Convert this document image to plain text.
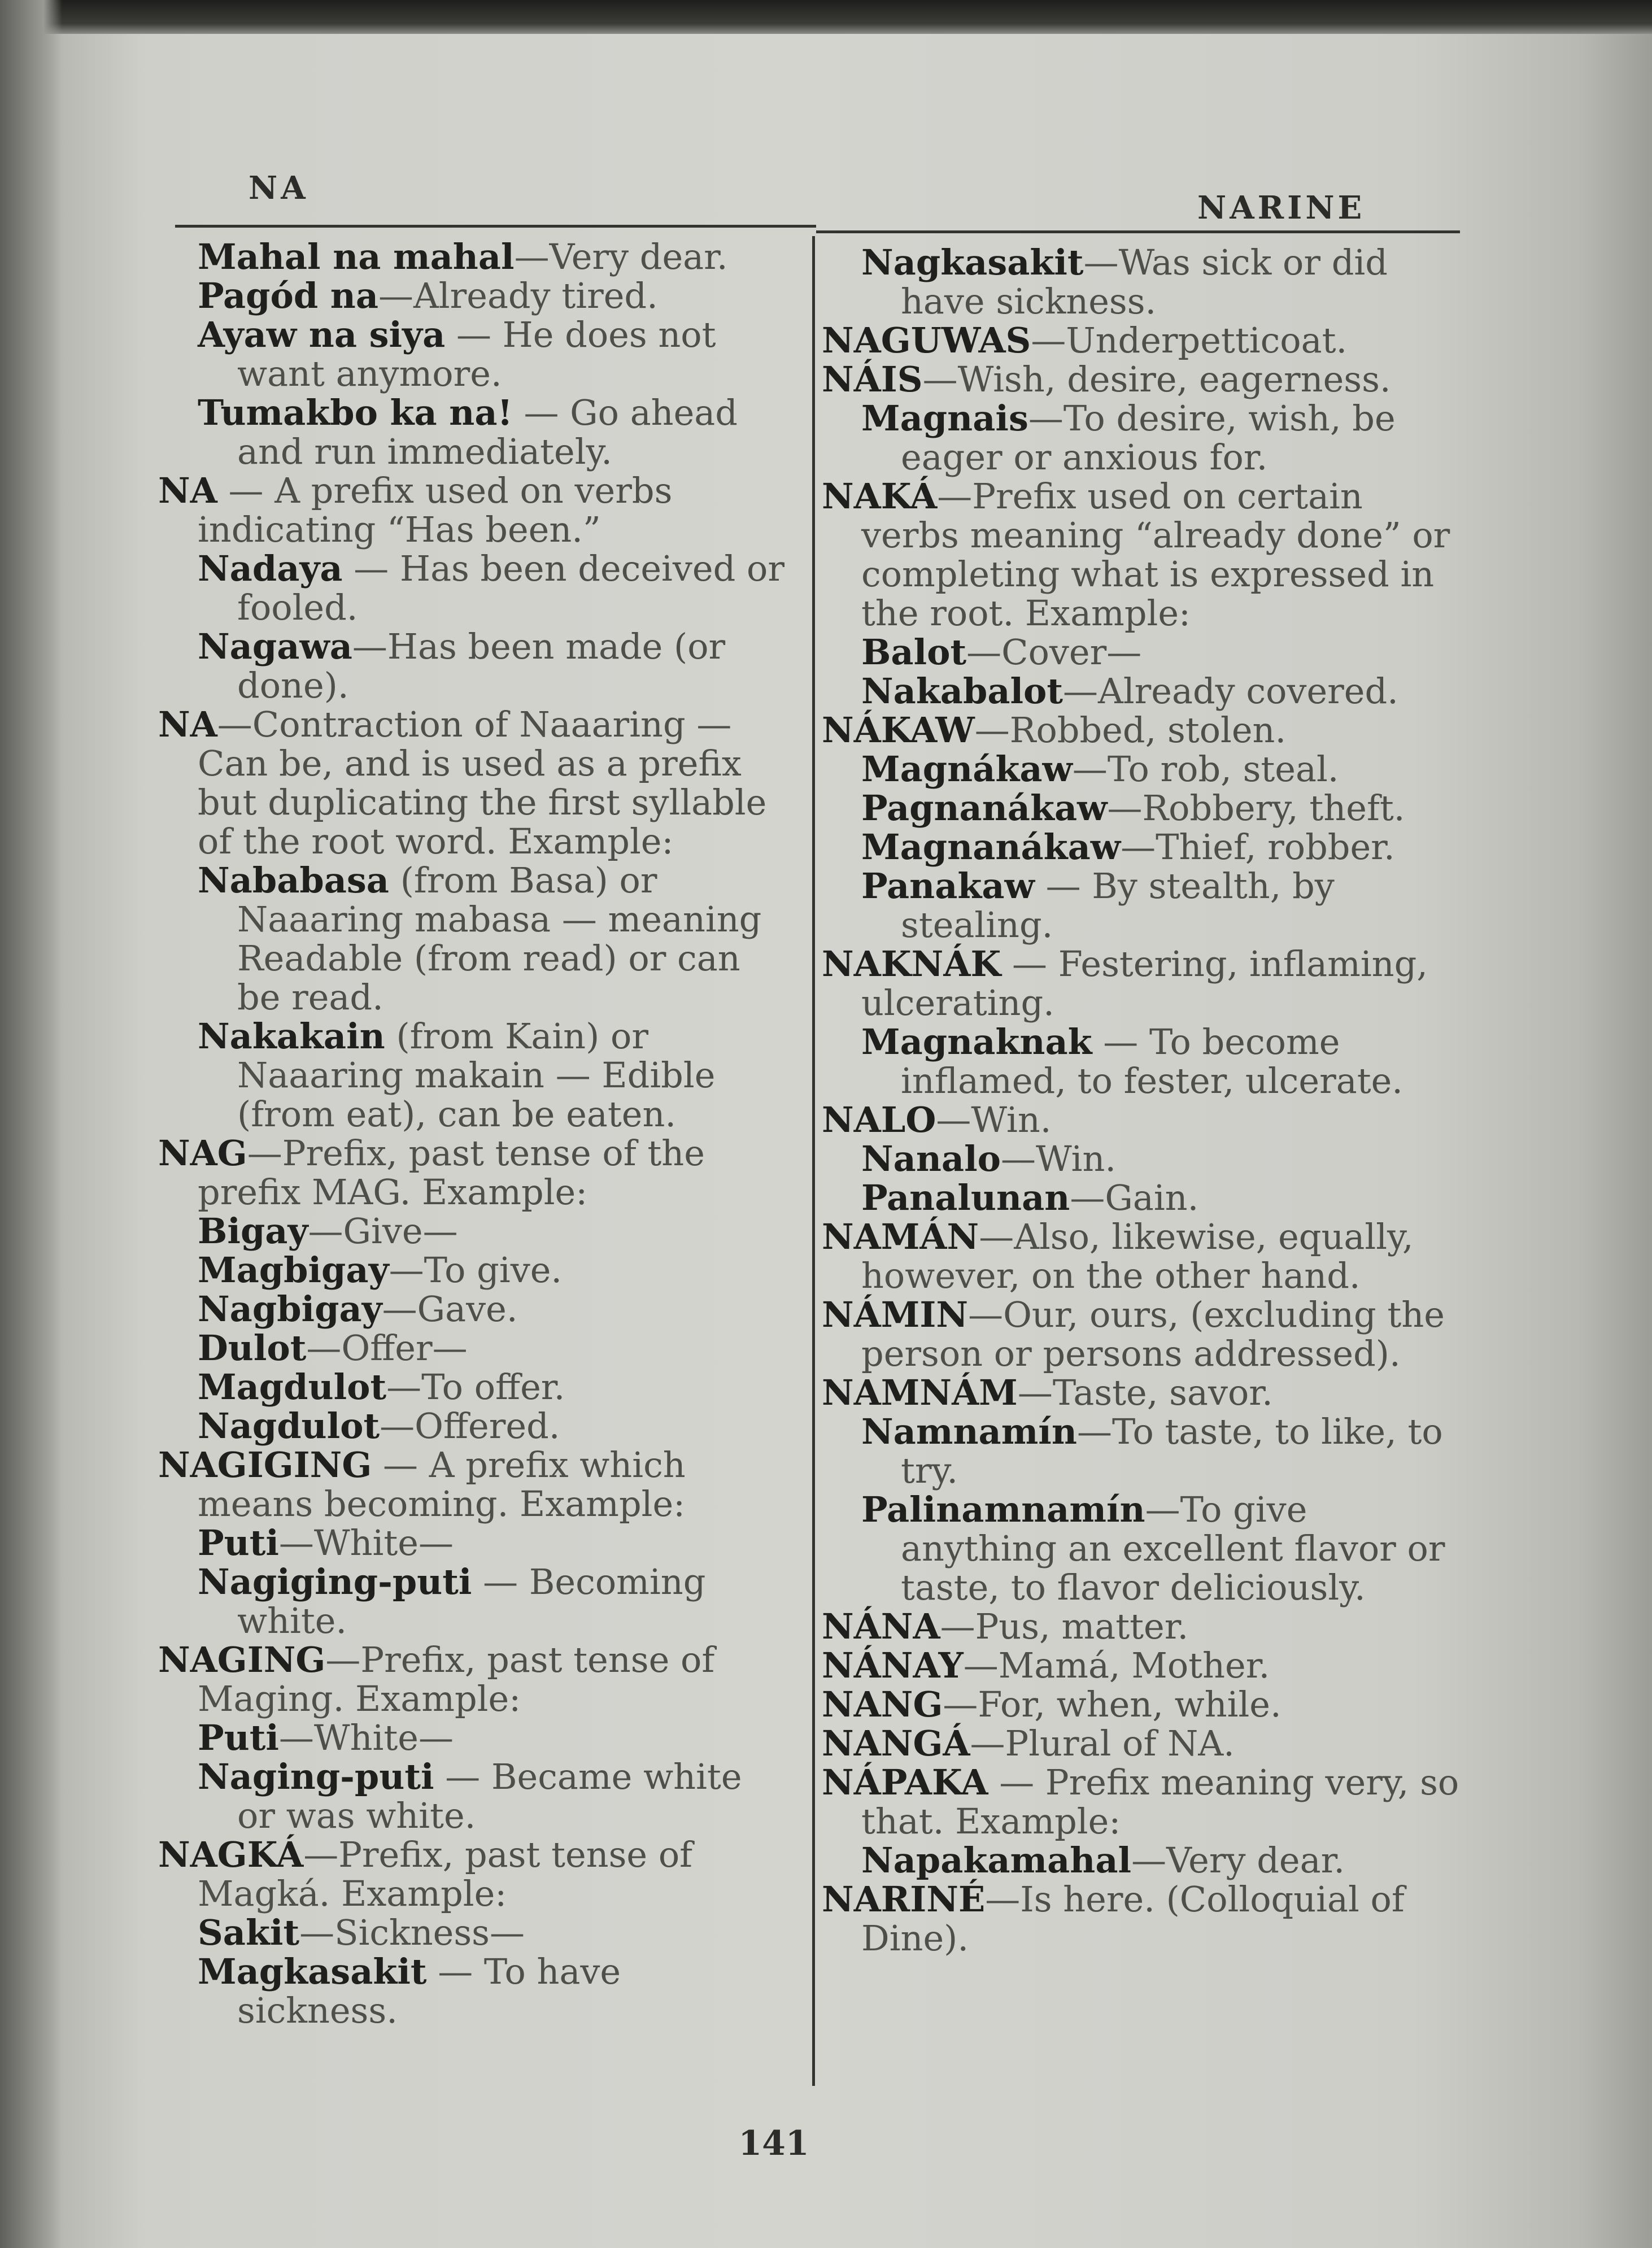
NA
NARINE
Mahal na mahal—Very dear.
Pagód na—Already tired.
Ayaw na siya — He does not want anymore.
Tumakbo ka na! — Go ahead and run immediately.
NA — A prefix used on verbs indicating “Has been.”
Nadaya — Has been deceived or fooled.
Nagawa—Has been made (or done).
NA—Contraction of Naaaring —Can be, and is used as a prefix but duplicating the first syllable of the root word. Example:
Nababasa (from Basa) or Naaaring mabasa — meaning Readable (from read) or can be read.
Nakakain (from Kain) or Naaaring makain — Edible (from eat), can be eaten.
NAG—Prefix, past tense of the prefix MAG. Example:
Bigay—Give—
Magbigay—To give.
Nagbigay—Gave.
Dulot—Offer—
Magdulot—To offer.
Nagdulot—Offered.
NAGIGING — A prefix which means becoming. Example:
Puti—White—
Nagiging-puti — Becoming white.
NAGING—Prefix, past tense of Maging. Example:
Puti—White—
Naging-puti — Became white or was white.
NAGKÁ—Prefix, past tense of Magká. Example:
Sakit—Sickness—
Magkasakit — To have sickness.
Nagkasakit—Was sick or did have sickness.
NAGUWAS—Underpetticoat.
NÁIS—Wish, desire, eagerness.
Magnais—To desire, wish, be eager or anxious for.
NAKÁ—Prefix used on certain verbs meaning “already done” or completing what is expressed in the root. Example:
Balot—Cover—
Nakabalot—Already covered.
NÁKAW—Robbed, stolen.
Magnákaw—To rob, steal.
Pagnanákaw—Robbery, theft.
Magnanákaw—Thief, robber.
Panakaw — By stealth, by stealing.
NAKNÁK — Festering, inflaming, ulcerating.
Magnaknak — To become inflamed, to fester, ulcerate.
NALO—Win.
Nanalo—Win.
Panalunan—Gain.
NAMÁN—Also, likewise, equally, however, on the other hand.
NÁMIN—Our, ours, (excluding the person or persons addressed).
NAMNÁM—Taste, savor.
Namnamín—To taste, to like, to try.
Palinamnamín—To give anything an excellent flavor or taste, to flavor deliciously.
NÁNA—Pus, matter.
NÁNAY—Mamá, Mother.
NANG—For, when, while.
NANGÁ—Plural of NA.
NÁPAKA — Prefix meaning very, so that. Example:
Napakamahal—Very dear.
NARINÉ—Is here. (Colloquial of Dine).
141
